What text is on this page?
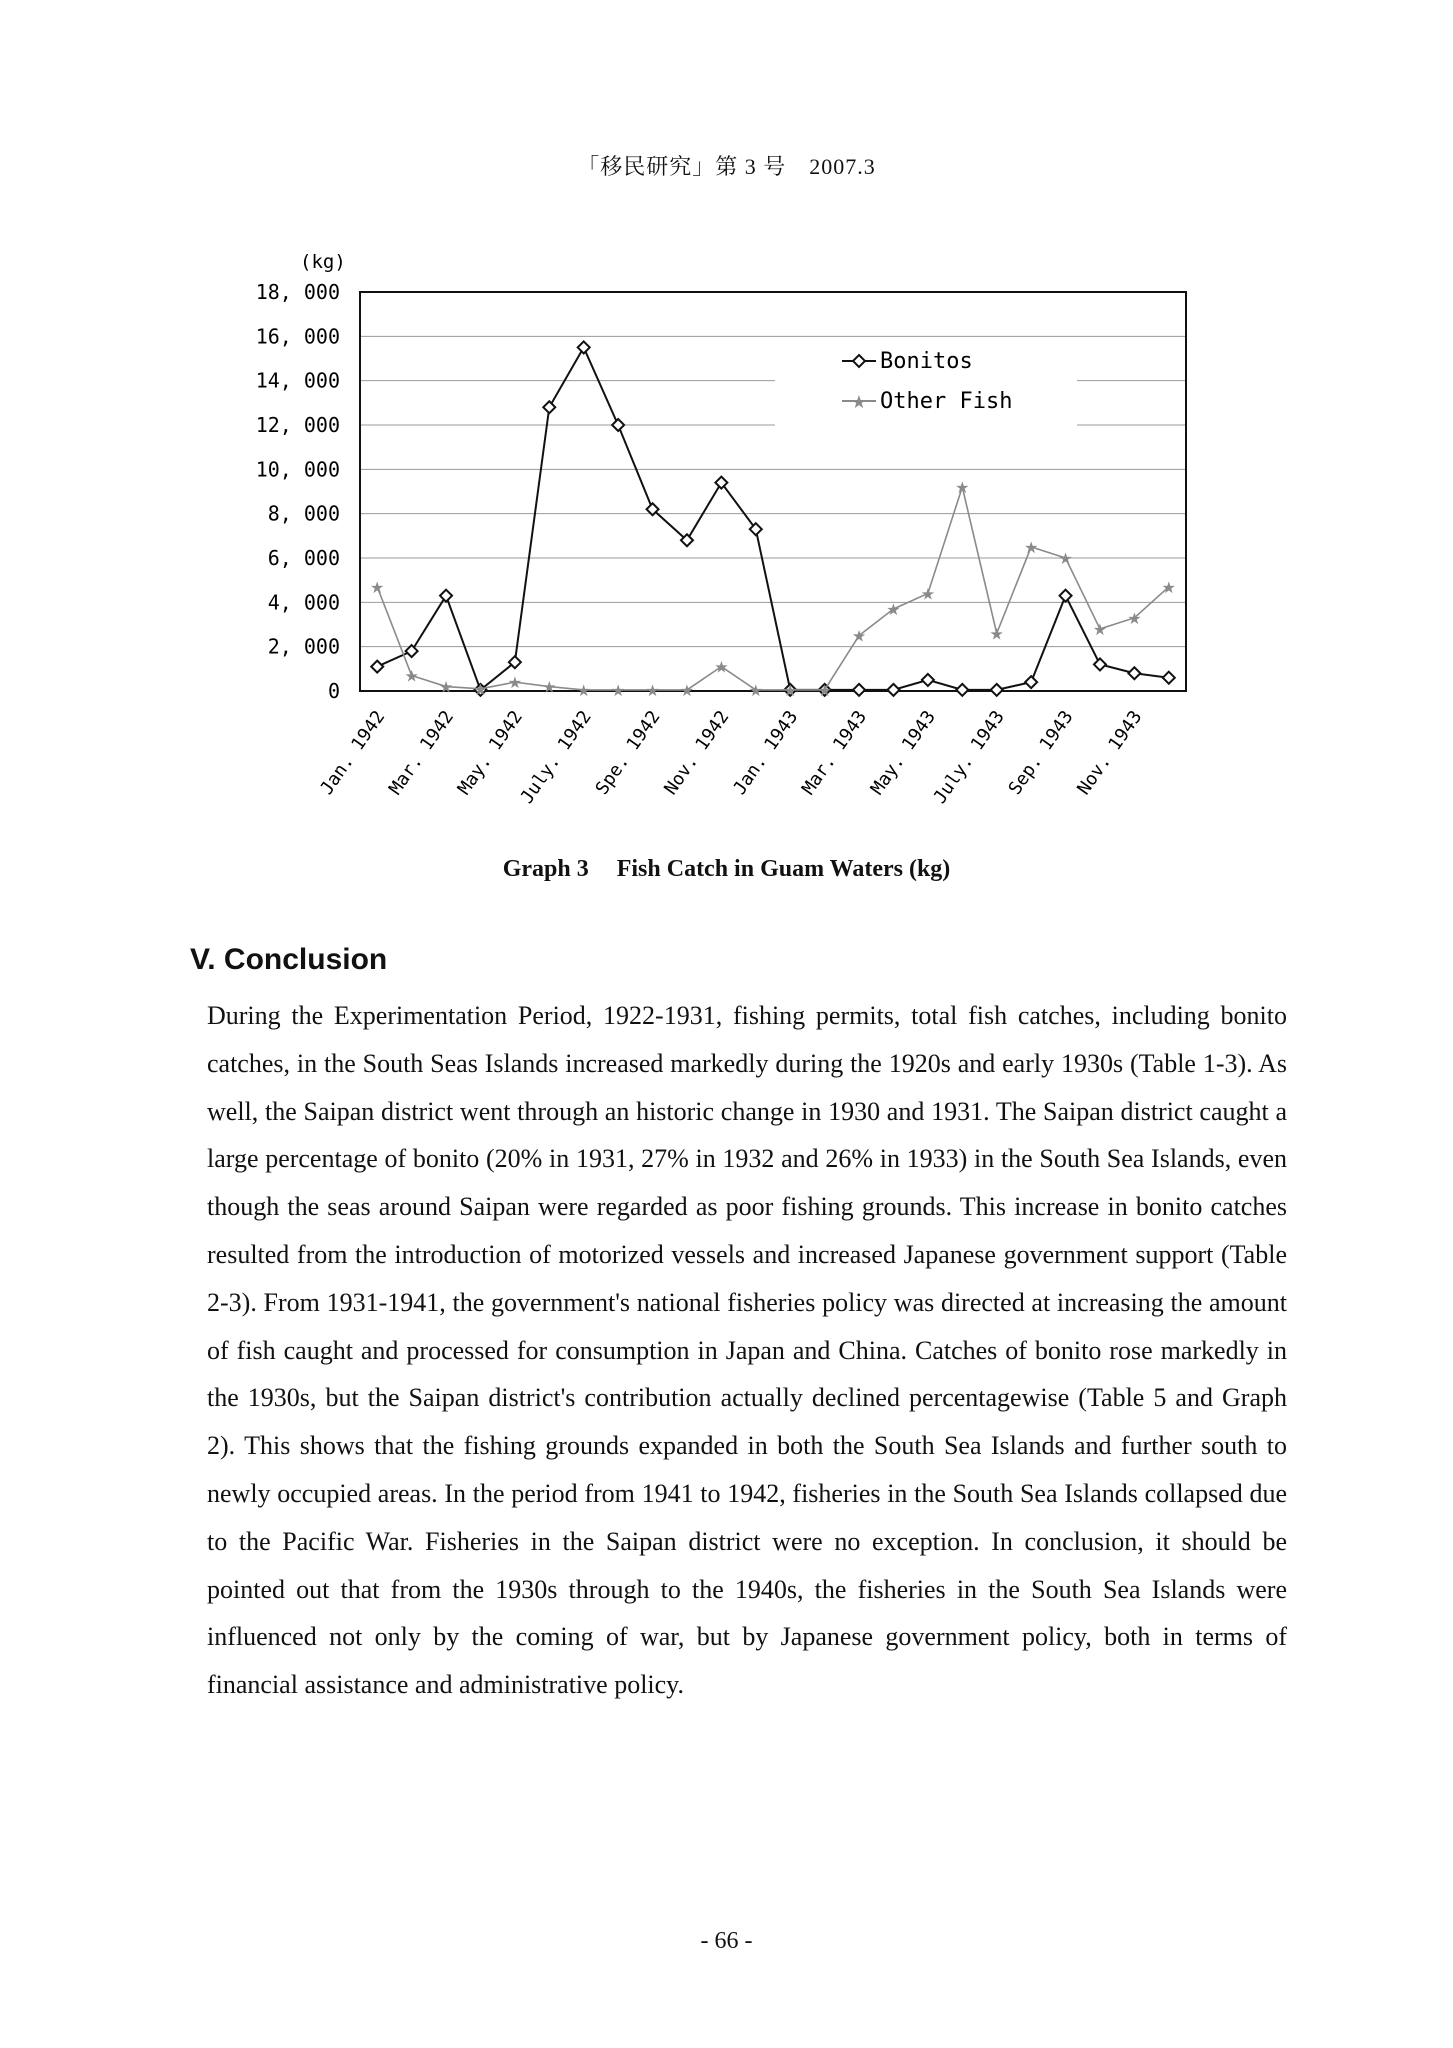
「移民研究」第 3 号　2007.3
(kg)
18, 000
16, 000
14, 000
12, 000
10, 000
8, 000
6, 000
4, 000
2, 000
0
★
★
★ ★ ★ ★ ★ ★ ★ ★
★
★ ★ ★
★
★
★
★
★
★
★
★
★
★
Jan. 1942
Mar. 1942
May. 1942
July. 1942
Spe. 1942
Nov. 1942
Jan. 1943
Mar. 1943
May. 1943
July. 1943
Sep. 1943
Nov. 1943
Bonitos
★ Other Fish
Graph 3 Fish Catch in Guam Waters (kg)
V. Conclusion

During the Experimentation Period, 1922-1931, fishing permits, total fish catches, including bonito catches, in the South Seas Islands increased markedly during the 1920s and early 1930s (Table 1-3). As well, the Saipan district went through an historic change in 1930 and 1931. The Saipan district caught a large percentage of bonito (20% in 1931, 27% in 1932 and 26% in 1933) in the South Sea Islands, even though the seas around Saipan were regarded as poor fishing grounds. This increase in bonito catches resulted from the introduction of motorized vessels and increased Japanese government support (Table 2-3). From 1931-1941, the government's national fisheries policy was directed at increasing the amount of fish caught and processed for consumption in Japan and China. Catches of bonito rose markedly in the 1930s, but the Saipan district's contribution actually declined percentagewise (Table 5 and Graph 2). This shows that the fishing grounds expanded in both the South Sea Islands and further south to newly occupied areas. In the period from 1941 to 1942, fisheries in the South Sea Islands collapsed due to the Pacific War. Fisheries in the Saipan district were no exception. In conclusion, it should be pointed out that from the 1930s through to the 1940s, the fisheries in the South Sea Islands were influenced not only by the coming of war, but by Japanese government policy, both in terms of financial assistance and administrative policy.

- 66 -
